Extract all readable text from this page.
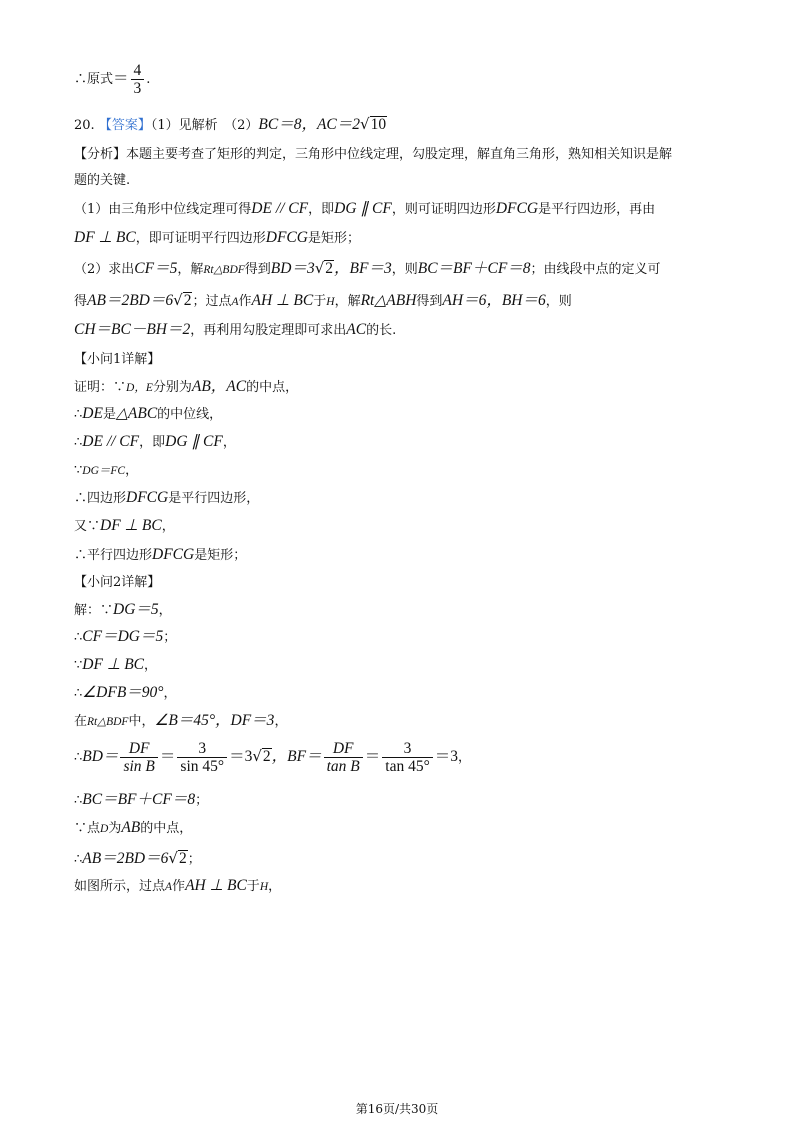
∴原式＝ $\frac{4}{3}$ .
20. 【答案】（1）见解析　（2）BC＝8，AC＝2√10
【分析】本题主要考查了矩形的判定，三角形中位线定理，勾股定理，解直角三角形，熟知相关知识是解
题的关键.
（1）由三角形中位线定理可得DE // CF，即DG ∥ CF，则可证明四边形DFCG是平行四边形，再由
DF ⊥ BC，即可证明平行四边形DFCG是矩形；
（2）求出CF＝5，解Rt△BDF得到BD＝3√2，BF＝3，则BC＝BF＋CF＝8；由线段中点的定义可
得AB＝2BD＝6√2；过点A作AH ⊥ BC于H，解Rt△ABH得到AH＝6，BH＝6，则
CH＝BC－BH＝2，再利用勾股定理即可求出AC的长.
【小问1详解】
证明：∵D，E分别为AB，AC的中点，
∴DE是△ABC的中位线，
∴DE // CF，即DG ∥ CF，
∵DG＝FC，
∴四边形DFCG是平行四边形，
又∵DF ⊥ BC，
∴平行四边形DFCG是矩形；
【小问2详解】
解：∵DG＝5，
∴CF＝DG＝5；
∵DF ⊥ BC，
∴∠DFB＝90°，
在Rt△BDF中，∠B＝45°，DF＝3，
∴BD＝ $\frac{DF}{\text{sin B}} = \frac{3}{\sin 45^\circ} =3√2$，$BF= \frac{DF}{\text{tan B}} = \frac{3}{\tan 45^\circ} =3$，
∴BC＝BF＋CF＝8；
∵点D为AB的中点，
∴AB＝2BD＝6√2；
如图所示，过点A作AH ⊥ BC于H，
第16页/共30页
